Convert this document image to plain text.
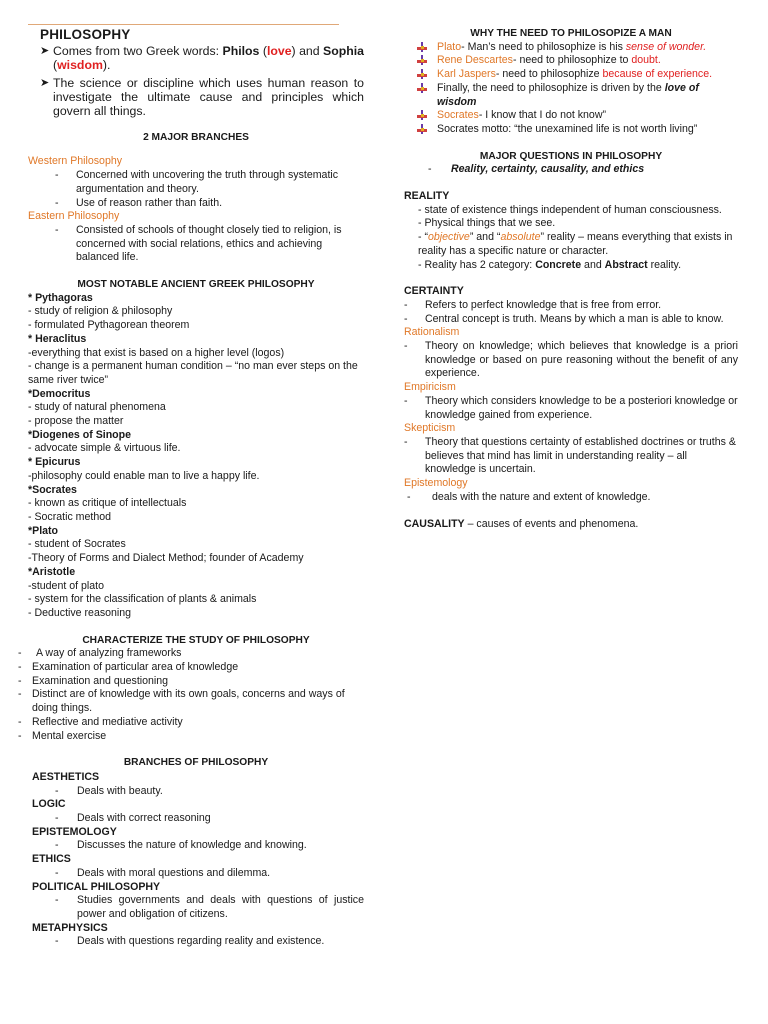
PHILOSOPHY
➤ Comes from two Greek words: Philos (love) and Sophia (wisdom).
➤ The science or discipline which uses human reason to investigate the ultimate cause and principles which govern all things.
2 MAJOR BRANCHES
Western Philosophy
-	Concerned with uncovering the truth through systematic argumentation and theory.
-	Use of reason rather than faith.
Eastern Philosophy
-	Consisted of schools of thought closely tied to religion, is concerned with social relations, ethics and achieving balanced life.
MOST NOTABLE ANCIENT GREEK PHILOSOPHY
* Pythagoras
- study of religion & philosophy
- formulated Pythagorean theorem
* Heraclitus
-everything that exist is based on a higher level (logos)
- change is a permanent human condition – “no man ever steps on the same river twice”
*Democritus
- study of natural phenomena
- propose the matter
*Diogenes of Sinope
- advocate simple & virtuous life.
* Epicurus
-philosophy could enable man to live a happy life.
*Socrates
- known as critique of intellectuals
- Socratic method
*Plato
- student of Socrates
-Theory of Forms and Dialect Method; founder of Academy
*Aristotle
-student of plato
- system for the classification of plants & animals
- Deductive reasoning
CHARACTERIZE THE STUDY OF PHILOSOPHY
-	A way of analyzing frameworks
- Examination of particular area of knowledge
- Examination and questioning
- Distinct are of knowledge with its own goals, concerns and ways of doing things.
- Reflective and mediative activity
- Mental exercise
BRANCHES OF PHILOSOPHY
AESTHETICS
-	Deals with beauty.
LOGIC
-	Deals with correct reasoning
EPISTEMOLOGY
-	Discusses the nature of knowledge and knowing.
ETHICS
-	Deals with moral questions and dilemma.
POLITICAL PHILOSOPHY
-	Studies governments and deals with questions of justice power and obligation of citizens.
METAPHYSICS
-	Deals with questions regarding reality and existence.
WHY THE NEED TO PHILOSOPIZE A MAN
Plato- Man’s need to philosophize is his sense of wonder.
Rene Descartes- need to philosophize to doubt.
Karl Jaspers- need to philosophize because of experience.
Finally, the need to philosophize is driven by the love of wisdom
Socrates- I know that I do not know”
Socrates motto: “the unexamined life is not worth living”
MAJOR QUESTIONS IN PHILOSOPHY
-	Reality, certainty, causality, and ethics
REALITY
- state of existence things independent of human consciousness.
- Physical things that we see.
- “objective” and “absolute” reality – means everything that exists in reality has a specific nature or character.
- Reality has 2 category: Concrete and Abstract reality.
CERTAINTY
-	Refers to perfect knowledge that is free from error.
-	Central concept is truth. Means by which a man is able to know.
Rationalism
-	Theory on knowledge; which believes that knowledge is a priori knowledge or based on pure reasoning without the benefit of any experience.
Empiricism
-	Theory which considers knowledge to be a posteriori knowledge or knowledge gained from experience.
Skepticism
-	Theory that questions certainty of established doctrines or truths & believes that mind has limit in understanding reality – all knowledge is uncertain.
Epistemology
-	deals with the nature and extent of knowledge.
CAUSALITY – causes of events and phenomena.
